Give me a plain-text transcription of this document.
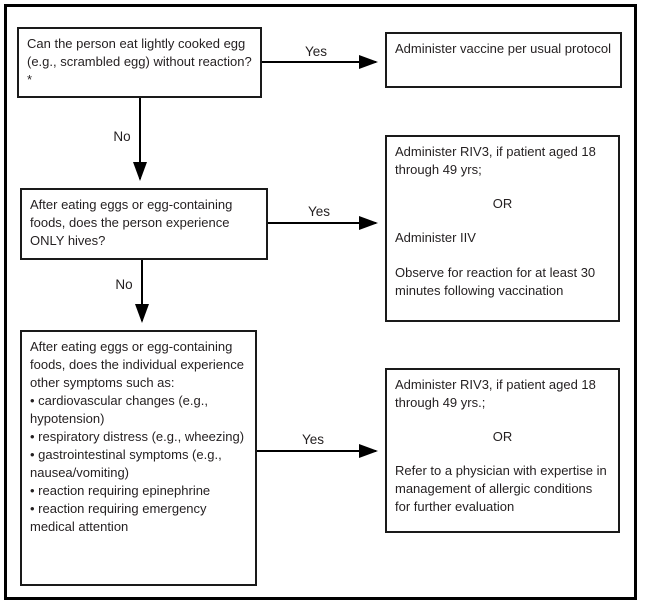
Can the person eat lightly cooked egg (e.g., scrambled egg) without reaction?*

Administer vaccine per usual protocol

After eating eggs or egg-containing foods, does the person experience ONLY hives?

Administer RIV3, if patient aged 18 through 49 yrs;

OR

Administer IIV

Observe for reaction for at least 30 minutes following vaccination

After eating eggs or egg-containing foods, does the individual experience other symptoms such as:

• cardiovascular changes (e.g., hypotension)

• respiratory distress (e.g., wheezing)

• gastrointestinal symptoms (e.g., nausea/vomiting)

• reaction requiring epinephrine

• reaction requiring emergency medical attention

Administer RIV3, if patient aged 18 through 49 yrs.;

OR

Refer to a physician with expertise in management of allergic conditions for further evaluation

Yes
No
Yes
No
Yes
